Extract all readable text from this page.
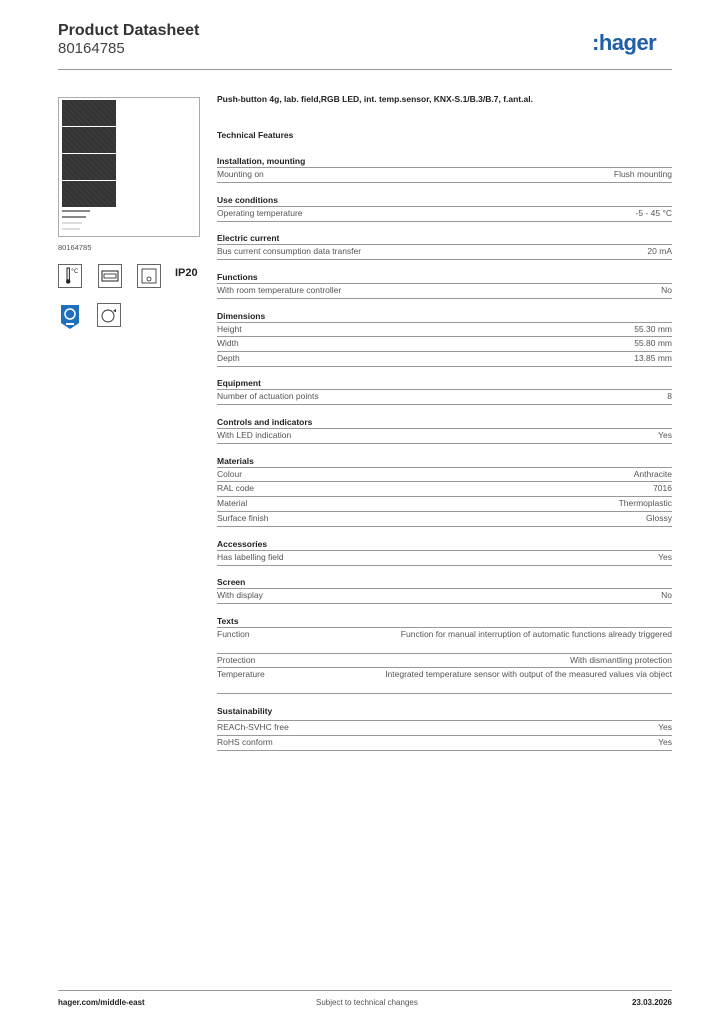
Product Datasheet
80164785	:hager
80164785
°C	IP20
Push-button 4g, lab. field,RGB LED, int. temp.sensor, KNX-S.1/B.3/B.7, f.ant.al.
Technical Features
Installation, mounting
Mounting on	Flush mounting
Use conditions
Operating temperature	-5 - 45 °C
Electric current
Bus current consumption data transfer	20 mA
Functions
With room temperature controller	No
Dimensions
Height	55.30 mm
Width	55.80 mm
Depth	13.85 mm
Equipment
Number of actuation points	8
Controls and indicators
With LED indication	Yes
Materials
Colour	Anthracite
RAL code	7016
Material	Thermoplastic
Surface finish	Glossy
Accessories
Has labelling field	Yes
Screen
With display	No
Texts
Function	Function for manual interruption of automatic functions already triggered
Protection	With dismantling protection
Temperature	Integrated temperature sensor with output of the measured values via object
Sustainability
REACh-SVHC free	Yes
RoHS conform	Yes
hager.com/middle-east	Subject to technical changes	23.03.2026
